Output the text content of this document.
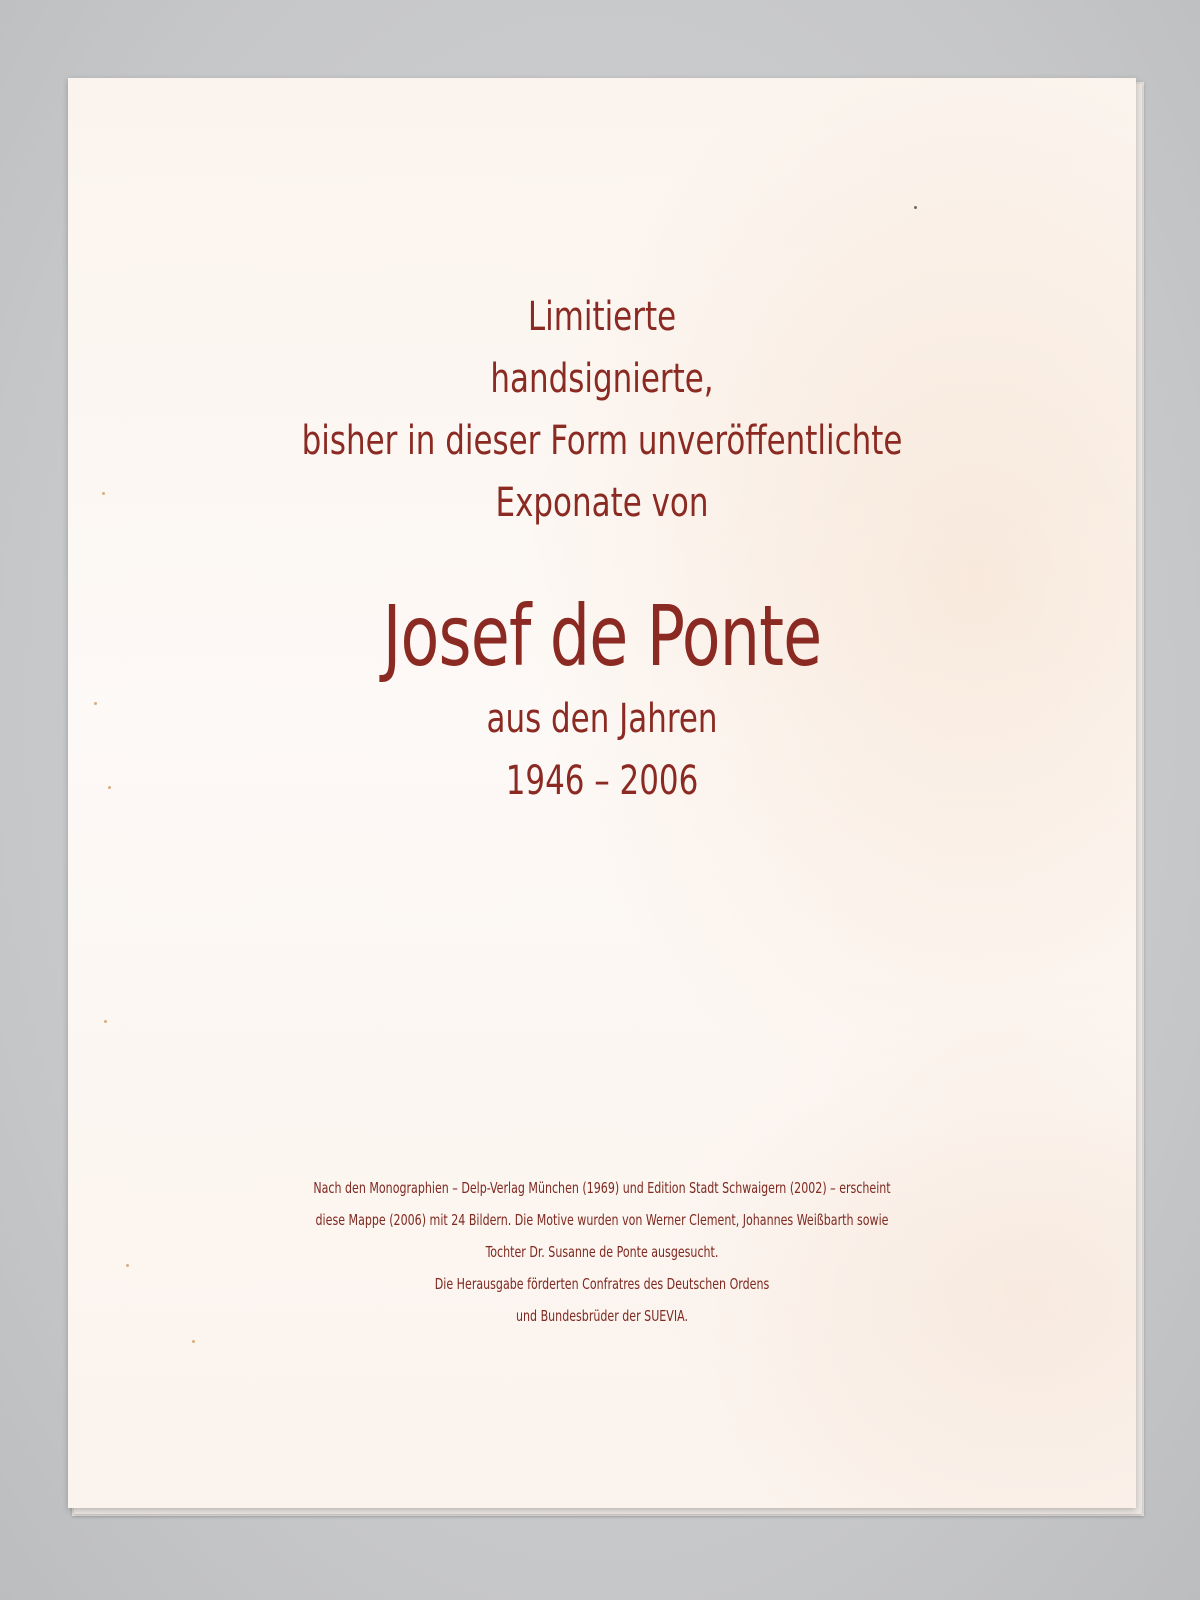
Limitierte
handsignierte,
bisher in dieser Form unveröffentlichte
Exponate von
Josef de Ponte
aus den Jahren
1946 – 2006
Nach den Monographien – Delp-Verlag München (1969) und Edition Stadt Schwaigern (2002) – erscheint
diese Mappe (2006) mit 24 Bildern. Die Motive wurden von Werner Clement, Johannes Weißbarth sowie
Tochter Dr. Susanne de Ponte ausgesucht.
Die Herausgabe förderten Confratres des Deutschen Ordens
und Bundesbrüder der SUEVIA.
